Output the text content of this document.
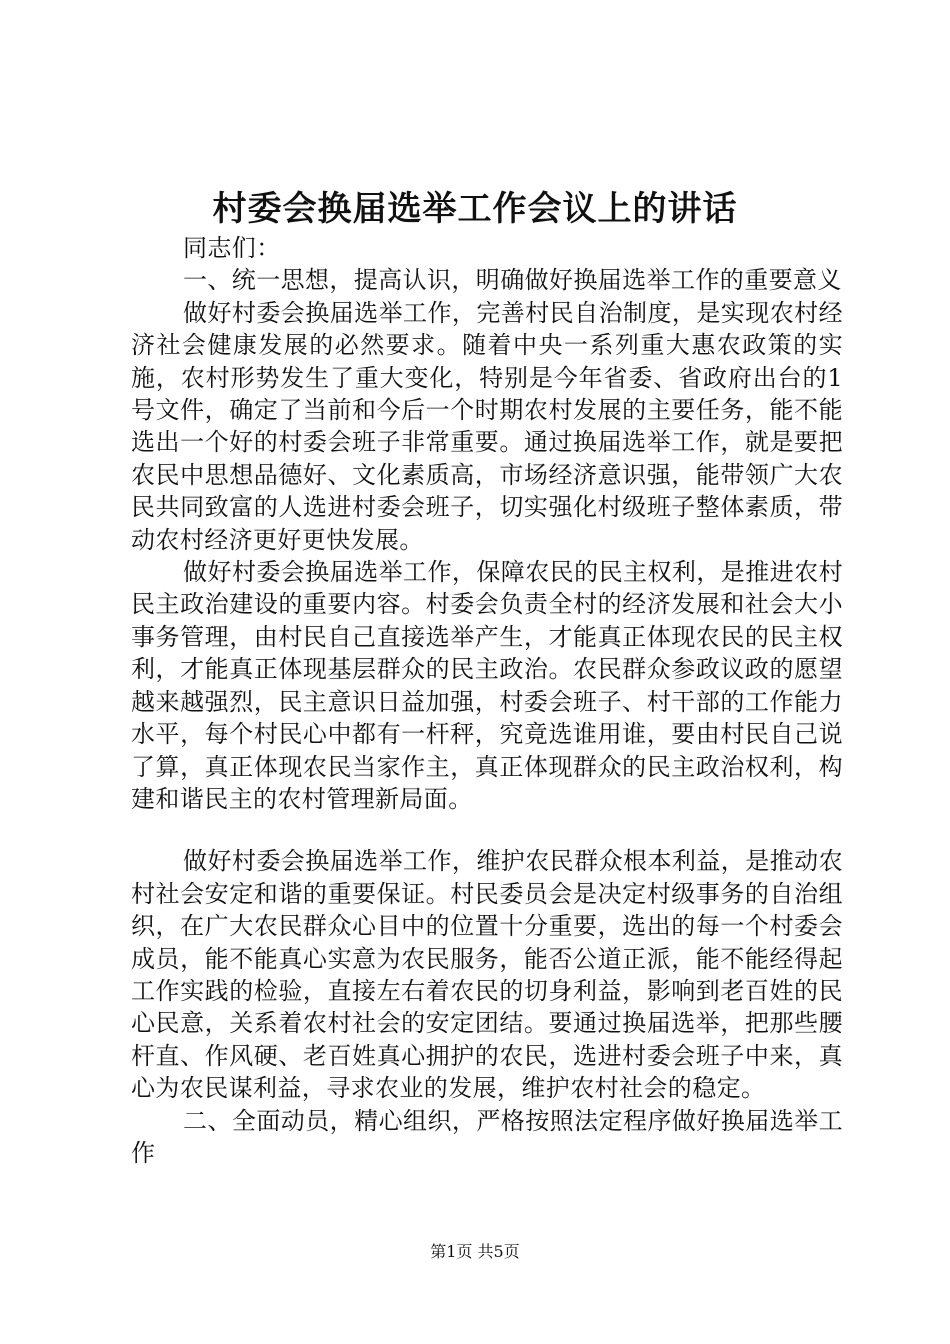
村委会换届选举工作会议上的讲话

同志们：

一、统一思想，提高认识，明确做好换届选举工作的重要意义

做好村委会换届选举工作，完善村民自治制度，是实现农村经济社会健康发展的必然要求。随着中央一系列重大惠农政策的实施，农村形势发生了重大变化，特别是今年省委、省政府出台的1号文件，确定了当前和今后一个时期农村发展的主要任务，能不能选出一个好的村委会班子非常重要。通过换届选举工作，就是要把农民中思想品德好、文化素质高，市场经济意识强，能带领广大农民共同致富的人选进村委会班子，切实强化村级班子整体素质，带动农村经济更好更快发展。

做好村委会换届选举工作，保障农民的民主权利，是推进农村民主政治建设的重要内容。村委会负责全村的经济发展和社会大小事务管理，由村民自己直接选举产生，才能真正体现农民的民主权利，才能真正体现基层群众的民主政治。农民群众参政议政的愿望越来越强烈，民主意识日益加强，村委会班子、村干部的工作能力水平，每个村民心中都有一杆秤，究竟选谁用谁，要由村民自己说了算，真正体现农民当家作主，真正体现群众的民主政治权利，构建和谐民主的农村管理新局面。

做好村委会换届选举工作，维护农民群众根本利益，是推动农村社会安定和谐的重要保证。村民委员会是决定村级事务的自治组织，在广大农民群众心目中的位置十分重要，选出的每一个村委会成员，能不能真心实意为农民服务，能否公道正派，能不能经得起工作实践的检验，直接左右着农民的切身利益，影响到老百姓的民心民意，关系着农村社会的安定团结。要通过换届选举，把那些腰杆直、作风硬、老百姓真心拥护的农民，选进村委会班子中来，真心为农民谋利益，寻求农业的发展，维护农村社会的稳定。

二、全面动员，精心组织，严格按照法定程序做好换届选举工作

第1页 共5页
